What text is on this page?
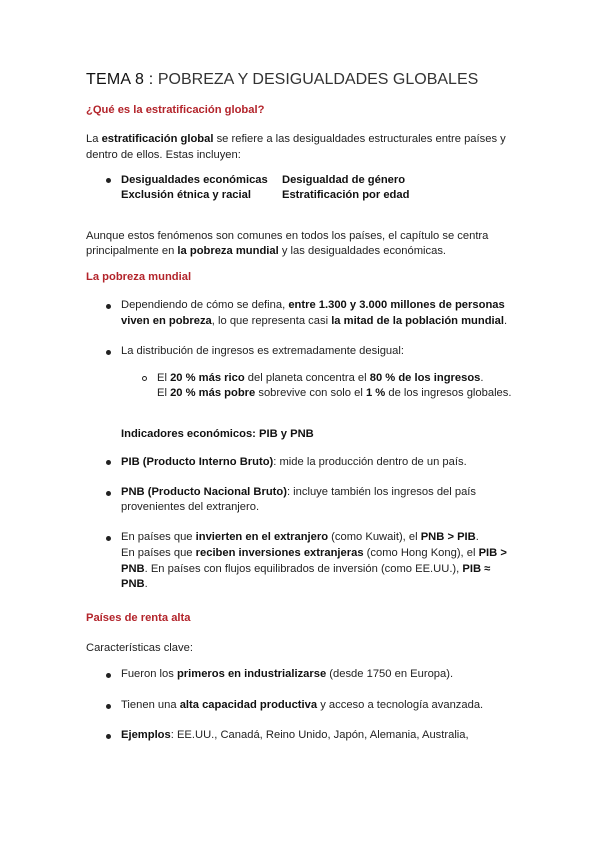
TEMA 8 : POBREZA Y DESIGUALDADES GLOBALES
¿Qué es la estratificación global?
La estratificación global se refiere a las desigualdades estructurales entre países y
dentro de ellos. Estas incluyen:
Desigualdades económicas Desigualdad de género
Exclusión étnica y racial	Estratificación por edad
Aunque estos fenómenos son comunes en todos los países, el capítulo se centra
principalmente en la pobreza mundial y las desigualdades económicas.
La pobreza mundial
Dependiendo de cómo se defina, entre 1.300 y 3.000 millones de personas
viven en pobreza, lo que representa casi la mitad de la población mundial.
La distribución de ingresos es extremadamente desigual:
El 20 % más rico del planeta concentra el 80 % de los ingresos.
El 20 % más pobre sobrevive con solo el 1 % de los ingresos globales.
Indicadores económicos: PIB y PNB
PIB (Producto Interno Bruto): mide la producción dentro de un país.
PNB (Producto Nacional Bruto): incluye también los ingresos del país
provenientes del extranjero.
En países que invierten en el extranjero (como Kuwait), el PNB > PIB.
En países que reciben inversiones extranjeras (como Hong Kong), el PIB >
PNB. En países con flujos equilibrados de inversión (como EE.UU.), PIB ≈
PNB.
Países de renta alta
Características clave:
Fueron los primeros en industrializarse (desde 1750 en Europa).
Tienen una alta capacidad productiva y acceso a tecnología avanzada.
Ejemplos: EE.UU., Canadá, Reino Unido, Japón, Alemania, Australia,
